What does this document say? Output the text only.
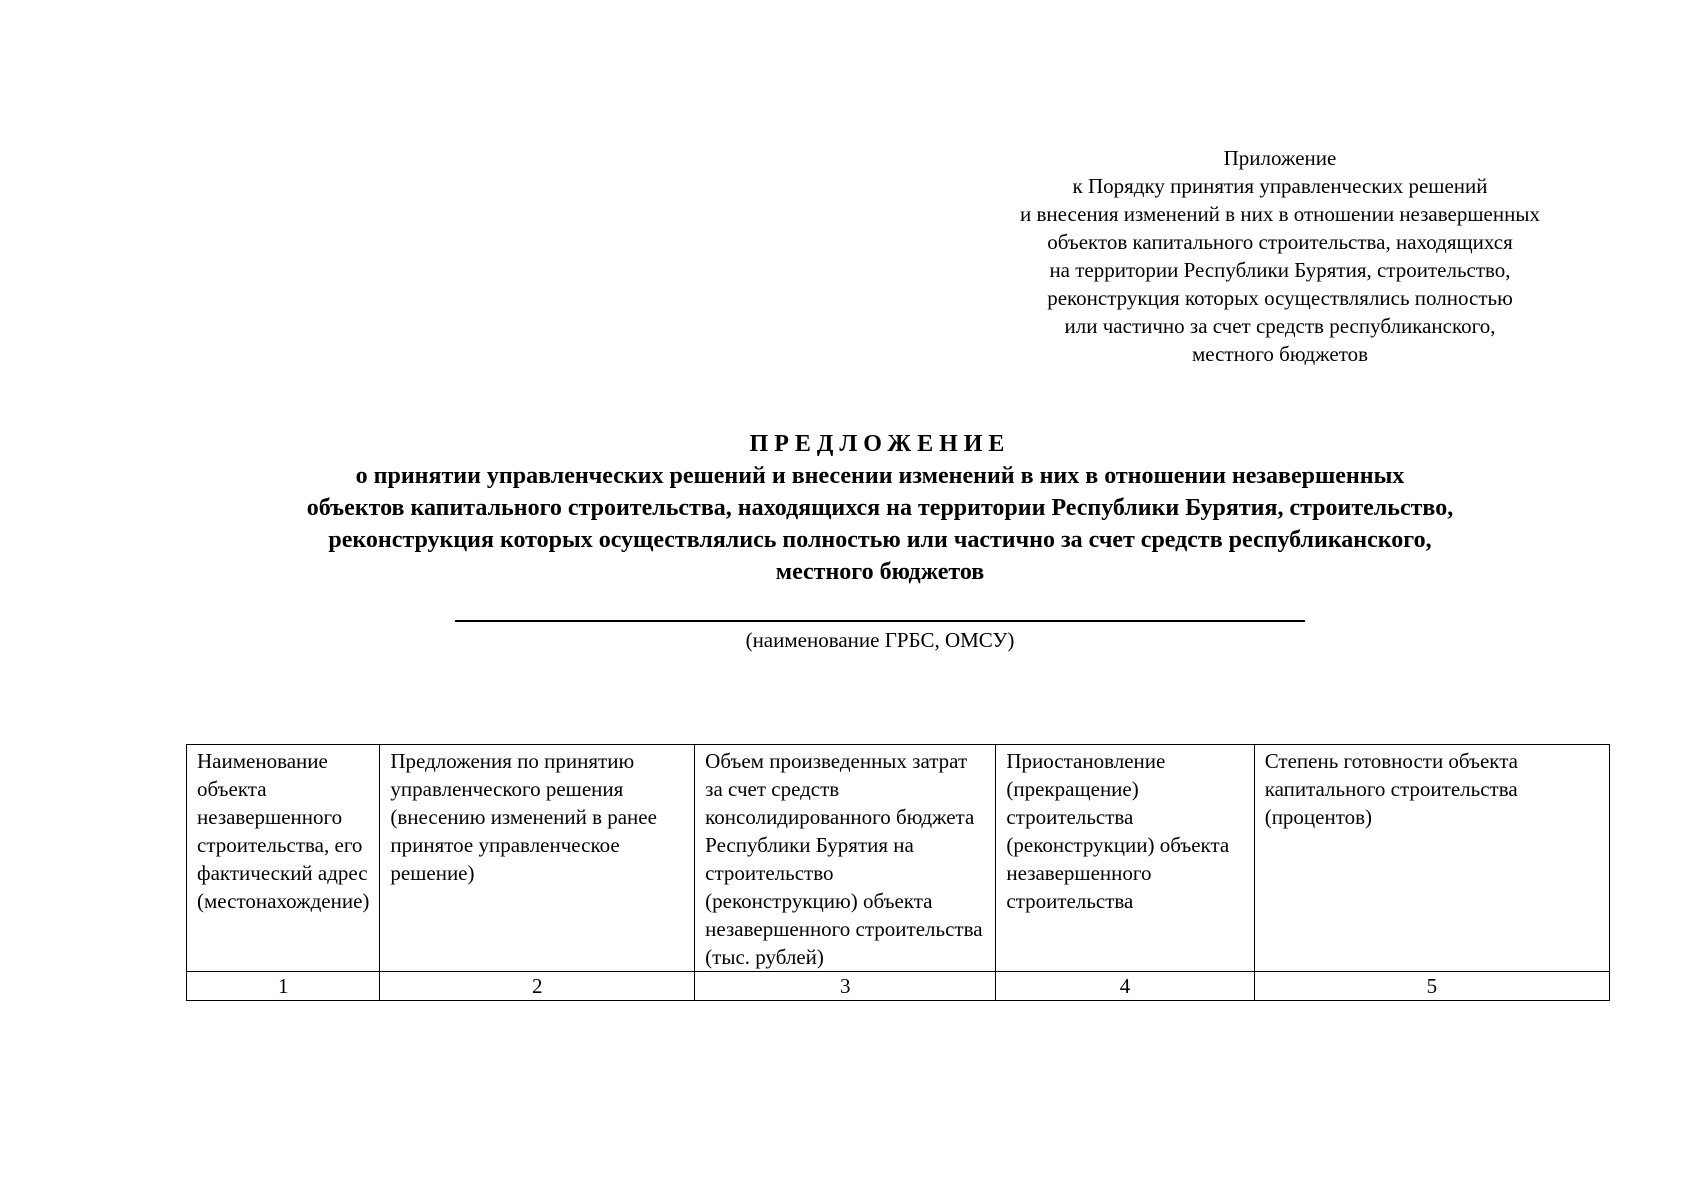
Приложение
к Порядку принятия управленческих решений
и внесения изменений в них в отношении незавершенных
объектов капитального строительства, находящихся
на территории Республики Бурятия, строительство,
реконструкция которых осуществлялись полностью
или частично за счет средств республиканского,
местного бюджетов
ПРЕДЛОЖЕНИЕ
о принятии управленческих решений и внесении изменений в них в отношении незавершенных
объектов капитального строительства, находящихся на территории Республики Бурятия, строительство,
реконструкция которых осуществлялись полностью или частично за счет средств республиканского,
местного бюджетов
(наименование ГРБС, ОМСУ)
Наименование объекта незавершенного строительства, его фактический адрес (местонахождение)	Предложения по принятию управленческого решения (внесению изменений в ранее принятое управленческое решение)	Объем произведенных затрат за счет средств консолидированного бюджета Республики Бурятия на строительство (реконструкцию) объекта незавершенного строительства (тыс. рублей)	Приостановление (прекращение) строительства (реконструкции) объекта незавершенного строительства	Степень готовности объекта капитального строительства (процентов)
1	2	3	4	5
